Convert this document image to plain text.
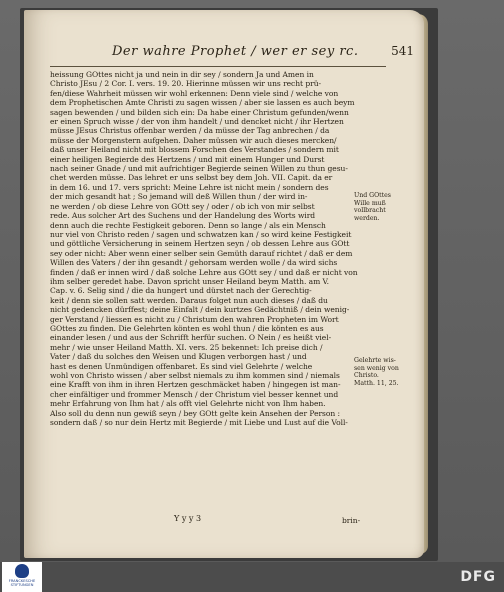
Der wahre Prophet / wer er sey rc.	541
heissung GOttes nicht ja und nein in dir sey / sondern Ja und Amen in
Christo JEsu / 2 Cor. I. vers. 19. 20. Hierinne müssen wir uns recht prü-
fen/diese Wahrheit müssen wir wohl erkennen: Denn viele sind / welche von
dem Prophetischen Amte Christi zu sagen wissen / aber sie lassen es auch beym
sagen bewenden / und bilden sich ein: Da habe einer Christum gefunden/wenn
er einen Spruch wisse / der von ihm handelt / und dencket nicht / ihr Hertzen
müsse JEsus Christus offenbar werden / da müsse der Tag anbrechen / da
müsse der Morgenstern aufgehen. Daher müssen wir auch dieses mercken/
daß unser Heiland nicht mit blossem Forschen des Verstandes / sondern mit
einer heiligen Begierde des Hertzens / und mit einem Hunger und Durst
nach seiner Gnade / und mit aufrichtiger Begierde seinen Willen zu thun gesu-
chet werden müsse. Das lehret er uns selbst bey dem Joh. VII. Capit. da er
in dem 16. und 17. vers spricht: Meine Lehre ist nicht mein / sondern des
der mich gesandt hat ; So jemand will deß Willen thun / der wird in-
ne werden / ob diese Lehre von GOtt sey / oder / ob ich von mir selbst
rede. Aus solcher Art des Suchens und der Handelung des Worts wird
denn auch die rechte Festigkeit geboren. Denn so lange / als ein Mensch
nur viel von Christo reden / sagen und schwatzen kan / so wird keine Festigkeit
und göttliche Versicherung in seinem Hertzen seyn / ob dessen Lehre aus GOtt
sey oder nicht: Aber wenn einer selber sein Gemüth darauf richtet / daß er dem
Willen des Vaters / der ihn gesandt / gehorsam werden wolle / da wird sichs
finden / daß er innen wird / daß solche Lehre aus GOtt sey / und daß er nicht von
ihm selber geredet habe. Davon spricht unser Heiland beym Matth. am V.
Cap. v. 6. Selig sind / die da hungert und dürstet nach der Gerechtig-
keit / denn sie sollen satt werden. Daraus folget nun auch dieses / daß du
nicht gedencken dürffest; deine Einfalt / dein kurtzes Gedächtniß / dein wenig-
ger Verstand / liessen es nicht zu / Christum den wahren Propheten im Wort
GOttes zu finden. Die Gelehrten könten es wohl thun / die könten es aus
einander lesen / und aus der Schrifft herfür suchen. O Nein / es heißt viel-
mehr / wie unser Heiland Matth. XI. vers. 25 bekennet: Ich preise dich /
Vater / daß du solches den Weisen und Klugen verborgen hast / und
hast es denen Unmündigen offenbaret. Es sind viel Gelehrte / welche
wohl von Christo wissen / aber selbst niemals zu ihm kommen sind / niemals
eine Krafft von ihm in ihren Hertzen geschmäcket haben / hingegen ist man-
cher einfältiger und frommer Mensch / der Christum viel besser kennet und
mehr Erfahrung von Ihm hat / als offt viel Gelehrte nicht von Ihm haben.
Also soll du denn nun gewiß seyn / bey GOtt gelte kein Ansehen der Person :
sondern daß / so nur dein Hertz mit Begierde / mit Liebe und Lust auf die Voll-
Und GOttes
Wille muß
vollbracht
werden.
Gelehrte wis-
sen wenig von
Christo.
Matth. 11, 25.
Y y y 3	brin-
FRANCKESCHE
STIFTUNGEN
DFG
